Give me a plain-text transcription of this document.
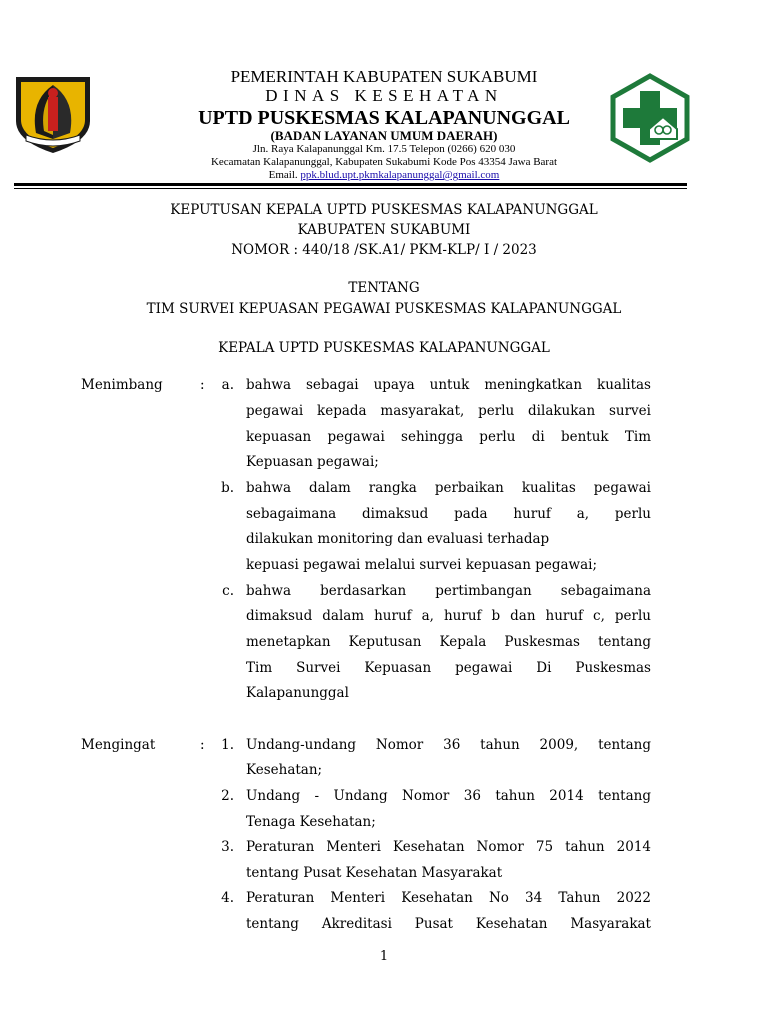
PEMERINTAH KABUPATEN SUKABUMI
DINAS KESEHATAN
UPTD PUSKESMAS KALAPANUNGGAL
(BADAN LAYANAN UMUM DAERAH)
Jln. Raya Kalapanunggal Km. 17.5 Telepon (0266) 620 030
Kecamatan Kalapanunggal, Kabupaten Sukabumi Kode Pos 43354 Jawa Barat
Email. ppk.blud.upt.pkmkalapanunggal@gmail.com
KEPUTUSAN KEPALA UPTD PUSKESMAS KALAPANUNGGAL
KABUPATEN SUKABUMI
NOMOR : 440/18 /SK.A1/ PKM-KLP/ I / 2023
TENTANG
TIM SURVEI KEPUASAN PEGAWAI PUSKESMAS KALAPANUNGGAL
KEPALA UPTD PUSKESMAS KALAPANUNGGAL
Menimbang	:	a. bahwa sebagai upaya untuk meningkatkan kualitas
pegawai kepada masyarakat, perlu dilakukan survei
kepuasan pegawai sehingga perlu di bentuk Tim
Kepuasan pegawai;
b. bahwa dalam rangka perbaikan kualitas pegawai
sebagaimana dimaksud pada huruf a, perlu
dilakukan monitoring dan evaluasi terhadap
kepuasi pegawai melalui survei kepuasan pegawai;
c. bahwa berdasarkan pertimbangan sebagaimana
dimaksud dalam huruf a, huruf b dan huruf c, perlu
menetapkan Keputusan Kepala Puskesmas tentang
Tim Survei Kepuasan pegawai Di Puskesmas
Kalapanunggal
Mengingat	:	1. Undang-undang Nomor 36 tahun 2009, tentang
Kesehatan;
2. Undang - Undang Nomor 36 tahun 2014 tentang
Tenaga Kesehatan;
3. Peraturan Menteri Kesehatan Nomor 75 tahun 2014
tentang Pusat Kesehatan Masyarakat
4. Peraturan Menteri Kesehatan No 34 Tahun 2022
tentang Akreditasi Pusat Kesehatan Masyarakat
1
